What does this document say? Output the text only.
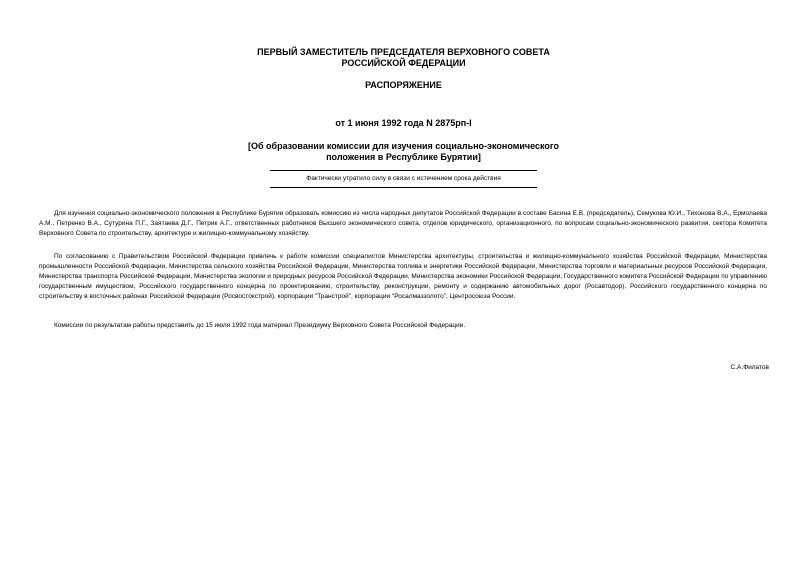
ПЕРВЫЙ ЗАМЕСТИТЕЛЬ ПРЕДСЕДАТЕЛЯ ВЕРХОВНОГО СОВЕТА
РОССИЙСКОЙ ФЕДЕРАЦИИ
РАСПОРЯЖЕНИЕ
от 1 июня 1992 года N 2875рп-I
[Об образовании комиссии для изучения социально-экономического
положения в Республике Бурятии]
Фактически утратило силу в связи с истечением срока действия

Для изучения социально-экономического положения в Республике Бурятии образовать комиссию из числа народных депутатов Российской Федерации в составе Басина Е.В. (председатель), Семукова Ю.И., Тихонова В.А., Ермолаева А.М., Петренко В.А., Сутурина П.Г., Заятаева Д.Г., Петрик А.Г., ответственных работников Высшего экономического совета, отделов юридического, организационного, по вопросам социально-экономического развития, сектора Комитета Верховного Совета по строительству, архитектуре и жилищно-коммунальному хозяйству.

По согласованию с Правительством Российской Федерации привлечь к работе комиссии специалистов Министерства архитектуры, строительства и жилищно-коммунального хозяйства Российской Федерации, Министерства промышленности Российской Федерации, Министерства сельского хозяйства Российской Федерации, Министерства топлива и энергетики Российской Федерации, Министерства торговли и материальных ресурсов Российской Федерации, Министерства транспорта Российской Федерации, Министерства экологии и природных ресурсов Российской Федерации, Министерства экономики Российской Федерации, Государственного комитета Российской Федерации по управлению государственным имуществом, Российского государственного концерна по проектированию, строительству, реконструкции, ремонту и содержанию автомобильных дорог (Росавтодор), Российского государственного концерна по строительству в восточных районах Российской Федерации (Росвостокстрой), корпорации "Транстрой", корпорации "Росалмаззолото", Центросоюза России.

Комиссии по результатам работы представить до 15 июля 1992 года материал Президиуму Верховного Совета Российской Федерации.

С.А.Филатов
